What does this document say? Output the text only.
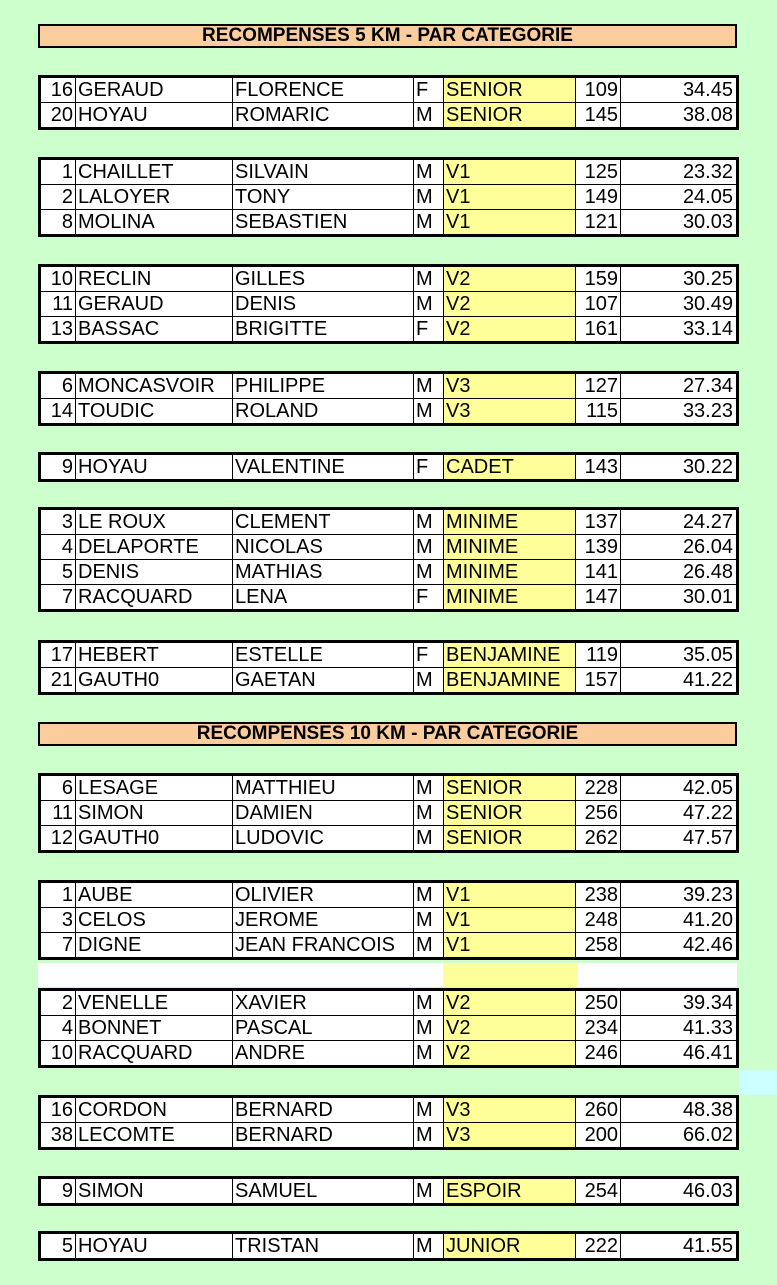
RECOMPENSES 5 KM - PAR CATEGORIE
RECOMPENSES 10 KM - PAR CATEGORIE
16 GERAUD	FLORENCE	F SENIOR	109	34.45
20 HOYAU	ROMARIC	M SENIOR	145	38.08
1 CHAILLET	SILVAIN	M V1	125	23.32
2 LALOYER	TONY	M V1	149	24.05
8 MOLINA	SEBASTIEN	M V1	121	30.03
10 RECLIN	GILLES	M V2	159	30.25
11 GERAUD	DENIS	M V2	107	30.49
13 BASSAC	BRIGITTE	F V2	161	33.14
6 MONCASVOIR	PHILIPPE	M V3	127	27.34
14 TOUDIC	ROLAND	M V3	115	33.23
9 HOYAU	VALENTINE	F CADET	143	30.22
3 LE ROUX	CLEMENT	M MINIME	137	24.27
4 DELAPORTE	NICOLAS	M MINIME	139	26.04
5 DENIS	MATHIAS	M MINIME	141	26.48
7 RACQUARD	LENA	F MINIME	147	30.01
17 HEBERT	ESTELLE	F BENJAMINE	119	35.05
21 GAUTH0	GAETAN	M BENJAMINE	157	41.22
6 LESAGE	MATTHIEU	M SENIOR	228	42.05
11 SIMON	DAMIEN	M SENIOR	256	47.22
12 GAUTH0	LUDOVIC	M SENIOR	262	47.57
1 AUBE	OLIVIER	M V1	238	39.23
3 CELOS	JEROME	M V1	248	41.20
7 DIGNE	JEAN FRANCOIS	M V1	258	42.46
2 VENELLE	XAVIER	M V2	250	39.34
4 BONNET	PASCAL	M V2	234	41.33
10 RACQUARD	ANDRE	M V2	246	46.41
16 CORDON	BERNARD	M V3	260	48.38
38 LECOMTE	BERNARD	M V3	200	66.02
9 SIMON	SAMUEL	M ESPOIR	254	46.03
5 HOYAU	TRISTAN	M JUNIOR	222	41.55
